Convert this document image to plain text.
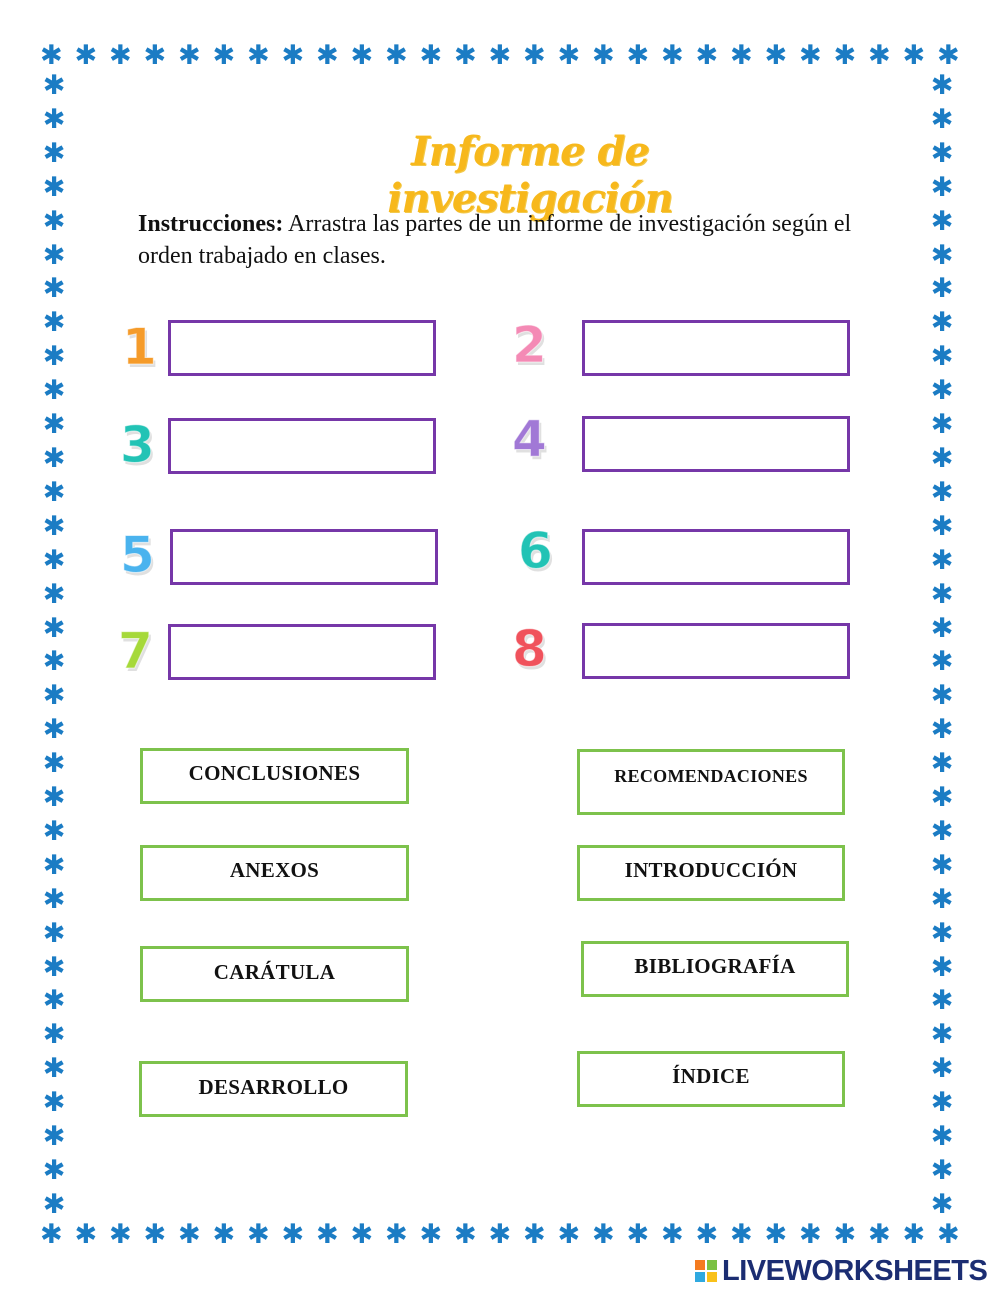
✱ ✱ ✱ ✱ ✱ ✱ ✱ ✱ ✱ ✱ ✱ ✱ ✱ ✱ ✱ ✱ ✱ ✱ ✱ ✱ ✱ ✱ ✱ ✱ ✱ ✱ ✱
✱ ✱ ✱ ✱ ✱ ✱ ✱ ✱ ✱ ✱ ✱ ✱ ✱ ✱ ✱ ✱ ✱ ✱ ✱ ✱ ✱ ✱ ✱ ✱ ✱ ✱ ✱
✱
✱
✱
✱
✱
✱
✱
✱
✱
✱
✱
✱
✱
✱
✱
✱
✱
✱
✱
✱
✱
✱
✱
✱
✱
✱
✱
✱
✱
✱
✱
✱
✱
✱
✱
✱
✱
✱
✱
✱
✱
✱
✱
✱
✱
✱
✱
✱
✱
✱
✱
✱
✱
✱
✱
✱
✱
✱
✱
✱
✱
✱
✱
✱
✱
✱
✱
✱
Informe de investigación
Instrucciones: Arrastra las partes de un informe de investigación según el orden trabajado en clases.
1	2
3	4
5	6
7	8
CONCLUSIONES	RECOMENDACIONES
ANEXOS	INTRODUCCIÓN
CARÁTULA	BIBLIOGRAFÍA
DESARROLLO	ÍNDICE
LIVEWORKSHEETS
